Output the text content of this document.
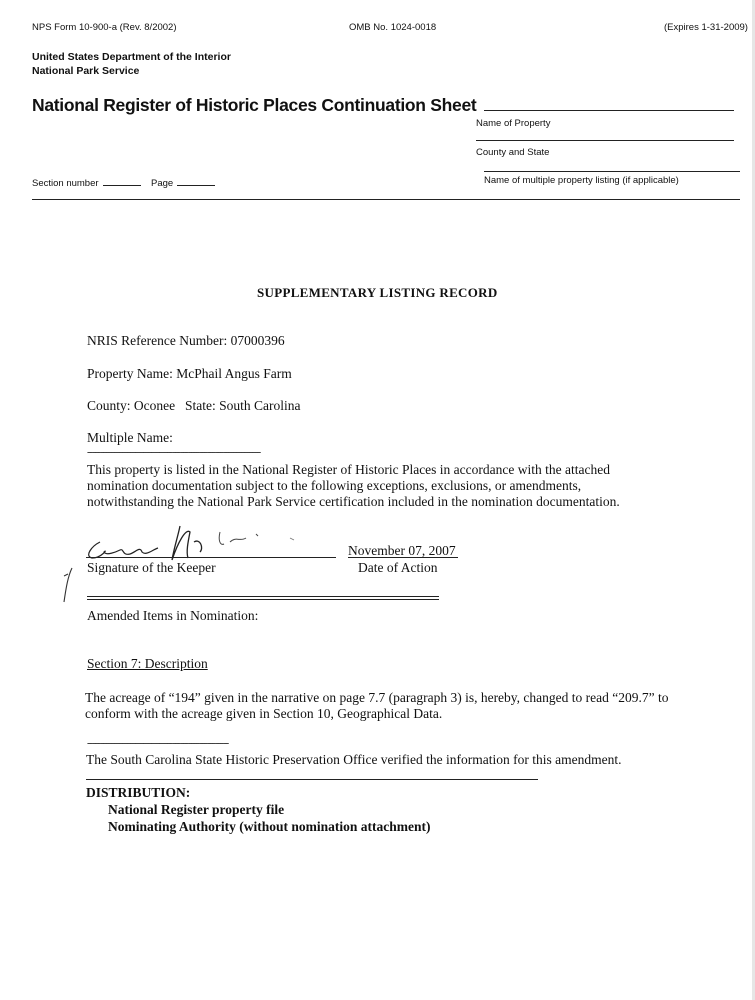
NPS Form 10-900-a (Rev. 8/2002)	OMB No. 1024-0018	(Expires 1-31-2009)
United States Department of the Interior
National Park Service
National Register of Historic Places Continuation Sheet
Name of Property
County and State
Section number	Page	Name of multiple property listing (if applicable)
SUPPLEMENTARY LISTING RECORD
NRIS Reference Number: 07000396
Property Name: McPhail Angus Farm
County: Oconee State: South Carolina
Multiple Name:
-----------------------------------------------------------------
This property is listed in the National Register of Historic Places in accordance with the attached nomination documentation subject to the following exceptions, exclusions, or amendments, notwithstanding the National Park Service certification included in the nomination documentation.
November 07, 2007
Signature of the Keeper	Date of Action
Amended Items in Nomination:
Section 7: Description
The acreage of “194” given in the narrative on page 7.7 (paragraph 3) is, hereby, changed to read “209.7” to conform with the acreage given in Section 10, Geographical Data.
-----------------------------------------------------
The South Carolina State Historic Preservation Office verified the information for this amendment.
DISTRIBUTION:
National Register property file
Nominating Authority (without nomination attachment)
